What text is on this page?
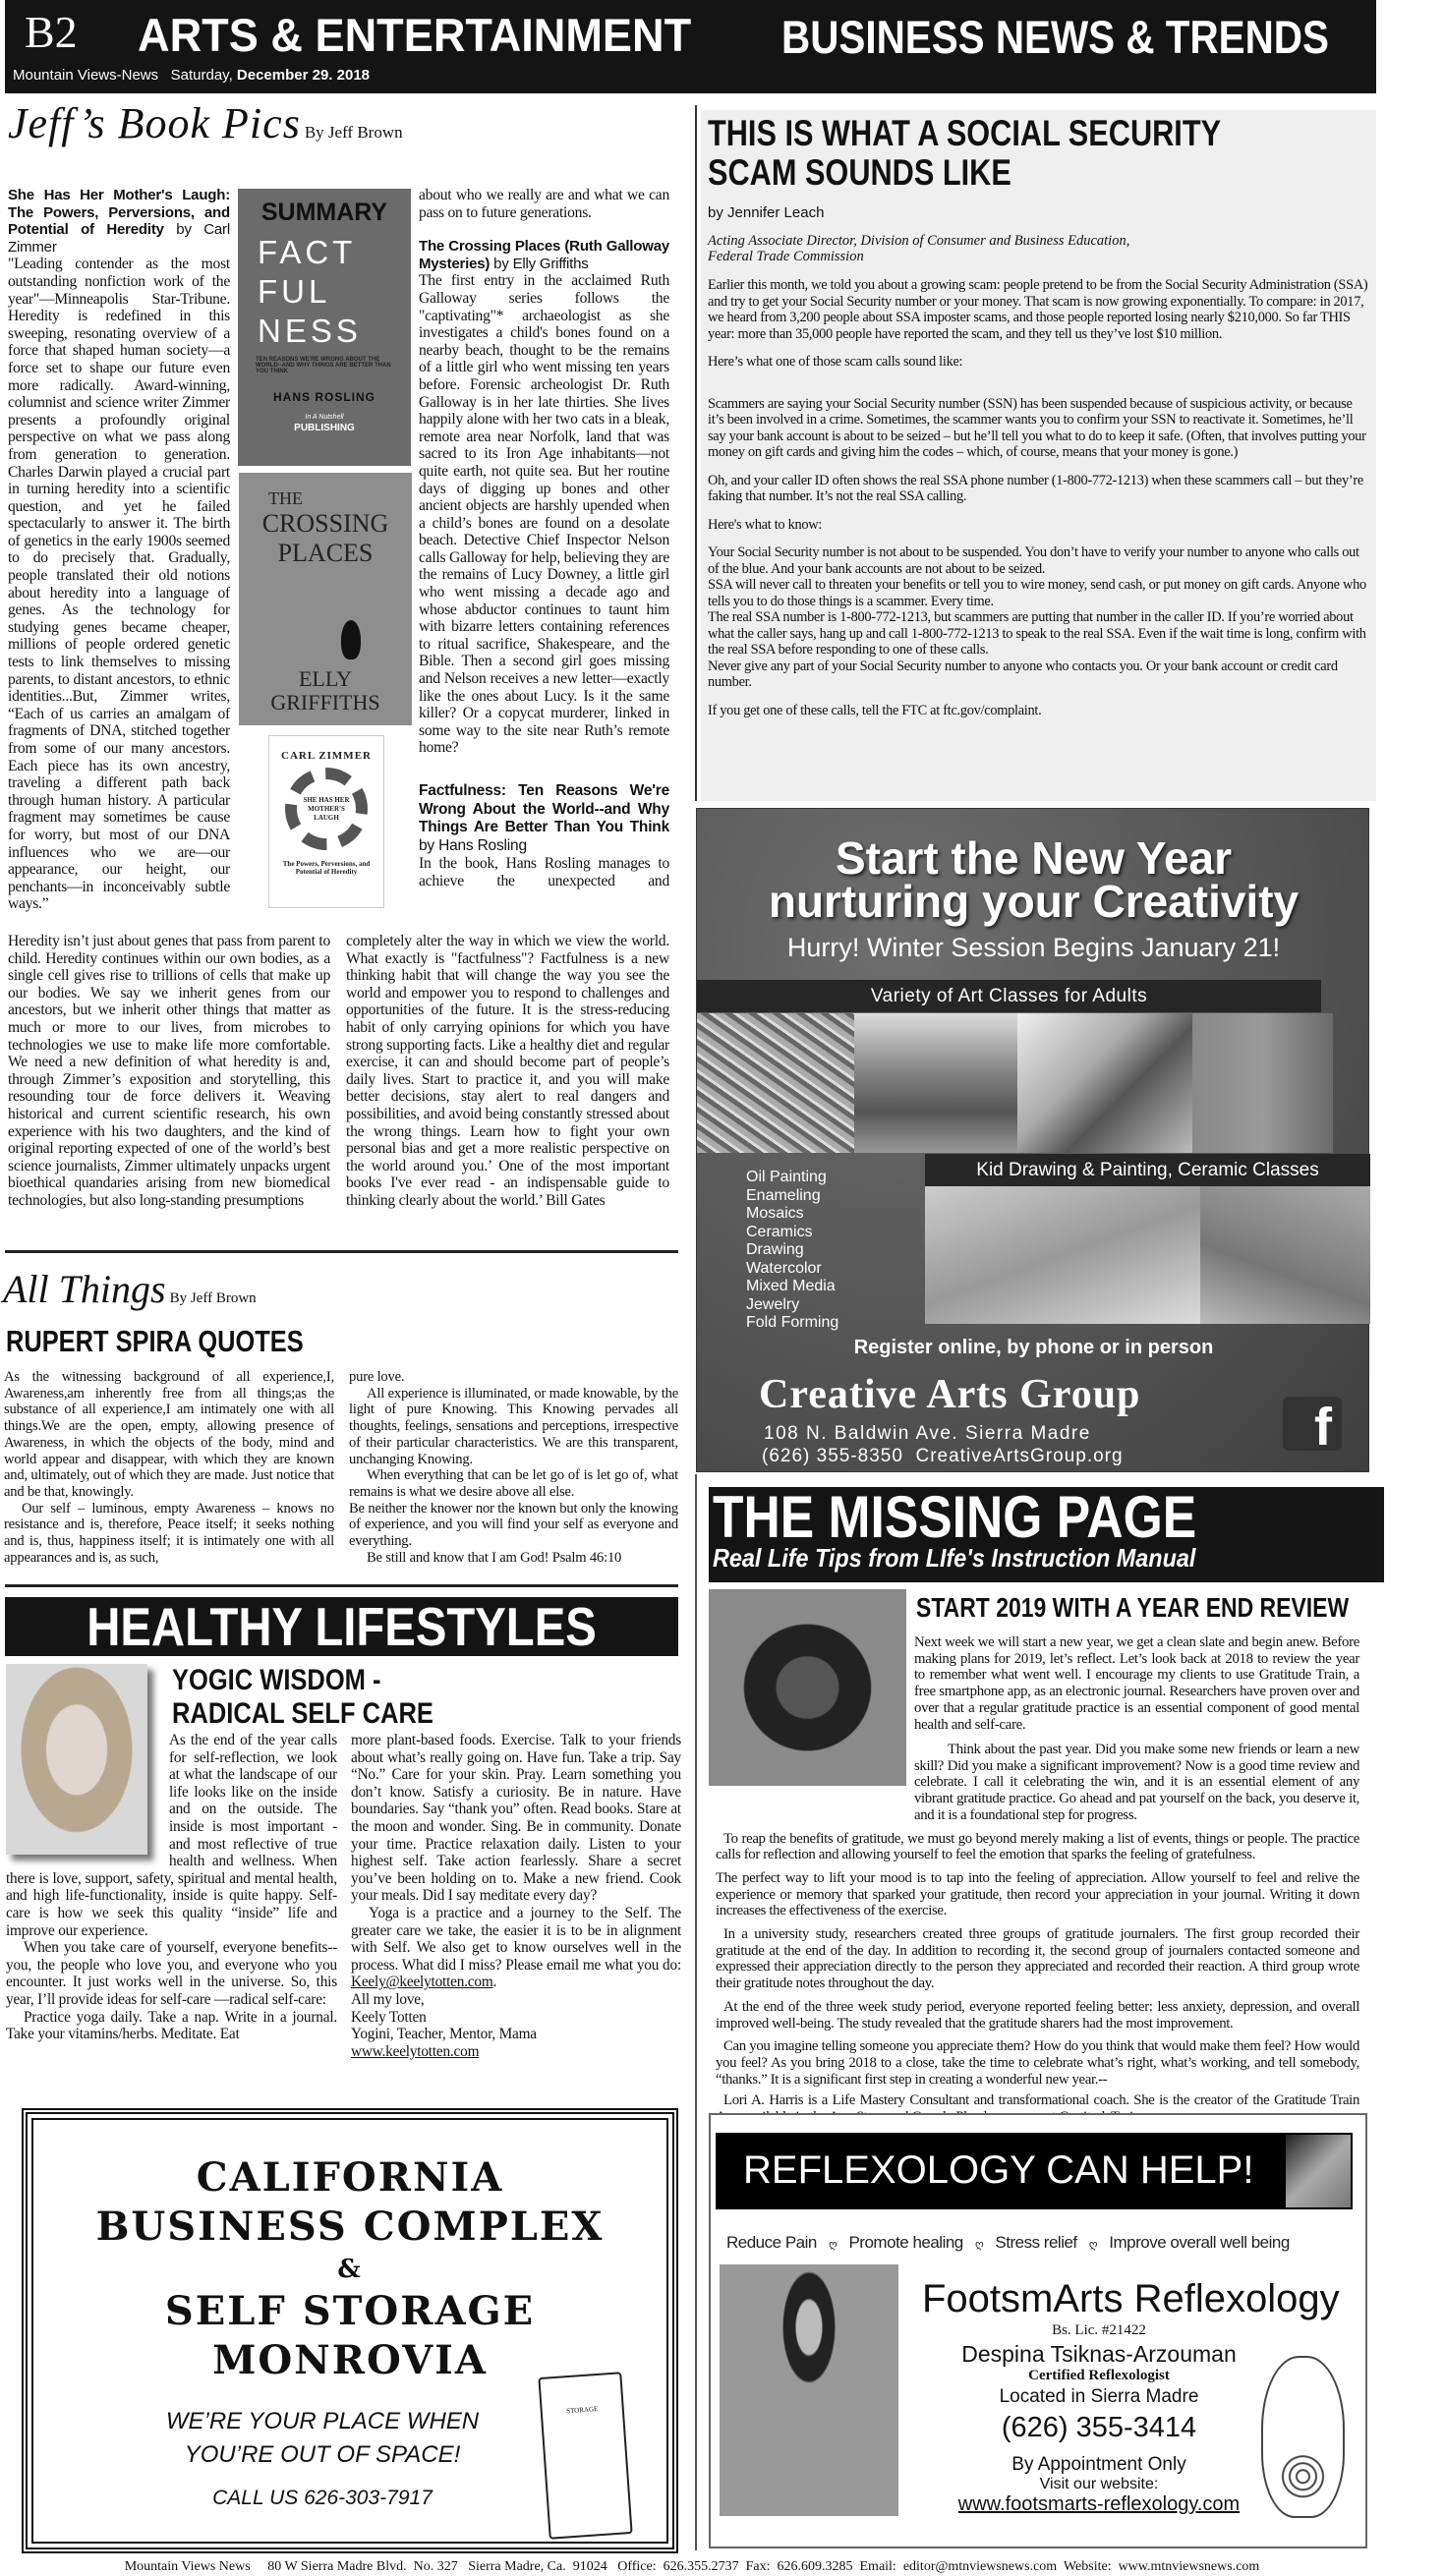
B2 ARTS & ENTERTAINMENT
Mountain Views-News Saturday, December 29. 2018
BUSINESS NEWS & TRENDS
Jeff’s Book Pics By Jeff Brown
She Has Her Mother's Laugh: The Powers, Perversions, and Potential of Heredity by Carl Zimmer

"Leading contender as the most outstanding nonfiction work of the year"—Minneapolis Star-Tribune. Heredity is redefined in this sweeping, resonating overview of a force that shaped human society—a force set to shape our future even more radically. Award-winning, columnist and science writer Zimmer presents a profoundly original perspective on what we pass along from generation to generation. Charles Darwin played a crucial part in turning heredity into a scientific question, and yet he failed spectacularly to answer it. The birth of genetics in the early 1900s seemed to do precisely that. Gradually, people translated their old notions about heredity into a language of genes. As the technology for studying genes became cheaper, millions of people ordered genetic tests to link themselves to missing parents, to distant ancestors, to ethnic identities...But, Zimmer writes, “Each of us carries an amalgam of fragments of DNA, stitched together from some of our many ancestors. Each piece has its own ancestry, traveling a different path back through human history. A particular fragment may sometimes be cause for worry, but most of our DNA influences who we are—our appearance, our height, our penchants—in inconceivably subtle ways.”

SUMMARY
FACT
FUL
NESS
TEN REASONS WE'RE WRONG ABOUT THE WORLD--AND WHY THINGS ARE BETTER THAN YOU THINK
HANS ROSLING
In A Nutshell
PUBLISHING
THE
CROSSING PLACES
ELLY GRIFFITHS
CARL ZIMMER
SHE HAS HER MOTHER'S LAUGH
The Powers, Perversions, and Potential of Heredity

about who we really are and what we can pass on to future generations.

The Crossing Places (Ruth Galloway Mysteries) by Elly Griffiths

The first entry in the acclaimed Ruth Galloway series follows the "captivating"* archaeologist as she investigates a child's bones found on a nearby beach, thought to be the remains of a little girl who went missing ten years before. Forensic archeologist Dr. Ruth Galloway is in her late thirties. She lives happily alone with her two cats in a bleak, remote area near Norfolk, land that was sacred to its Iron Age inhabitants—not quite earth, not quite sea. But her routine days of digging up bones and other ancient objects are harshly upended when a child’s bones are found on a desolate beach. Detective Chief Inspector Nelson calls Galloway for help, believing they are the remains of Lucy Downey, a little girl who went missing a decade ago and whose abductor continues to taunt him with bizarre letters containing references to ritual sacrifice, Shakespeare, and the Bible. Then a second girl goes missing and Nelson receives a new letter—exactly like the ones about Lucy. Is it the same killer? Or a copycat murderer, linked in some way to the site near Ruth’s remote home?

Factfulness: Ten Reasons We're Wrong About the World--and Why Things Are Better Than You Think by Hans Rosling

In the book, Hans Rosling manages to achieve the unexpected and

Heredity isn’t just about genes that pass from parent to child. Heredity continues within our own bodies, as a single cell gives rise to trillions of cells that make up our bodies. We say we inherit genes from our ancestors, but we inherit other things that matter as much or more to our lives, from microbes to technologies we use to make life more comfortable. We need a new definition of what heredity is and, through Zimmer’s exposition and storytelling, this resounding tour de force delivers it. Weaving historical and current scientific research, his own experience with his two daughters, and the kind of original reporting expected of one of the world’s best science journalists, Zimmer ultimately unpacks urgent bioethical quandaries arising from new biomedical technologies, but also long-standing presumptions
completely alter the way in which we view the world. What exactly is "factfulness"? Factfulness is a new thinking habit that will change the way you see the world and empower you to respond to challenges and opportunities of the future. It is the stress-reducing habit of only carrying opinions for which you have strong supporting facts. Like a healthy diet and regular exercise, it can and should become part of people’s daily lives. Start to practice it, and you will make better decisions, stay alert to real dangers and possibilities, and avoid being constantly stressed about the wrong things. Learn how to fight your own personal bias and get a more realistic perspective on the world around you.’ One of the most important books I've ever read - an indispensable guide to thinking clearly about the world.’ Bill Gates
All Things By Jeff Brown
RUPERT SPIRA QUOTES

As the witnessing background of all experience,I, Awareness,am inherently free from all things;as the substance of all experience,I am intimately one with all things.We are the open, empty, allowing presence of Awareness, in which the objects of the body, mind and world appear and disappear, with which they are known and, ultimately, out of which they are made. Just notice that and be that, knowingly.

Our self – luminous, empty Awareness – knows no resistance and is, therefore, Peace itself; it seeks nothing and is, thus, happiness itself; it is intimately one with all appearances and is, as such,

pure love.

All experience is illuminated, or made knowable, by the light of pure Knowing. This Knowing pervades all thoughts, feelings, sensations and perceptions, irrespective of their particular characteristics. We are this transparent, unchanging Knowing.

When everything that can be let go of is let go of, what remains is what we desire above all else.

Be neither the knower nor the known but only the knowing of experience, and you will find your self as everyone and everything.

Be still and know that I am God! Psalm 46:10

HEALTHY LIFESTYLES
YOGIC WISDOM -
RADICAL SELF CARE

As the end of the year calls for self-reflection, we look at what the landscape of our life looks like on the inside and on the outside. The inside is most important - and most reflective of true health and wellness. When there is love, support, safety, spiritual and mental health, and high life-functionality, inside is quite happy. Self-care is how we seek this quality “inside” life and improve our experience.

When you take care of yourself, everyone benefits-- you, the people who love you, and everyone who you encounter. It just works well in the universe. So, this year, I’ll provide ideas for self-care —radical self-care:

Practice yoga daily. Take a nap. Write in a journal. Take your vitamins/herbs. Meditate. Eat

more plant-based foods. Exercise. Talk to your friends about what’s really going on. Have fun. Take a trip. Say “No.” Care for your skin. Pray. Learn something you don’t know. Satisfy a curiosity. Be in nature. Have boundaries. Say “thank you” often. Read books. Stare at the moon and wonder. Sing. Be in community. Donate your time. Practice relaxation daily. Listen to your highest self. Take action fearlessly. Share a secret you’ve been holding on to. Make a new friend. Cook your meals. Did I say meditate every day?

Yoga is a practice and a journey to the Self. The greater care we take, the easier it is to be in alignment with Self. We also get to know ourselves well in the process. What did I miss? Please email me what you do: Keely@keelytotten.com.

All my love,
Keely Totten
Yogini, Teacher, Mentor, Mama
www.keelytotten.com

CALIFORNIA
BUSINESS COMPLEX
&
SELF STORAGE
MONROVIA
WE’RE YOUR PLACE WHEN
YOU’RE OUT OF SPACE!
CALL US 626-303-7917
STORAGE
THIS IS WHAT A SOCIAL SECURITY
SCAM SOUNDS LIKE
by Jennifer Leach
Acting Associate Director, Division of Consumer and Business Education,
Federal Trade Commission

Earlier this month, we told you about a growing scam: people pretend to be from the Social Security Administration (SSA) and try to get your Social Security number or your money. That scam is now growing exponentially. To compare: in 2017, we heard from 3,200 people about SSA imposter scams, and those people reported losing nearly $210,000. So far THIS year: more than 35,000 people have reported the scam, and they tell us they’ve lost $10 million.

Here’s what one of those scam calls sound like:

Scammers are saying your Social Security number (SSN) has been suspended because of suspicious activity, or because it’s been involved in a crime. Sometimes, the scammer wants you to confirm your SSN to reactivate it. Sometimes, he’ll say your bank account is about to be seized – but he’ll tell you what to do to keep it safe. (Often, that involves putting your money on gift cards and giving him the codes – which, of course, means that your money is gone.)

Oh, and your caller ID often shows the real SSA phone number (1-800-772-1213) when these scammers call – but they’re faking that number. It’s not the real SSA calling.

Here's what to know:

Your Social Security number is not about to be suspended. You don’t have to verify your number to anyone who calls out of the blue. And your bank accounts are not about to be seized.

SSA will never call to threaten your benefits or tell you to wire money, send cash, or put money on gift cards. Anyone who tells you to do those things is a scammer. Every time.

The real SSA number is 1-800-772-1213, but scammers are putting that number in the caller ID. If you’re worried about what the caller says, hang up and call 1-800-772-1213 to speak to the real SSA. Even if the wait time is long, confirm with the real SSA before responding to one of these calls.

Never give any part of your Social Security number to anyone who contacts you. Or your bank account or credit card number.

If you get one of these calls, tell the FTC at ftc.gov/complaint.

Start the New Year
nurturing your Creativity
Hurry! Winter Session Begins January 21!
Variety of Art Classes for Adults
Kid Drawing & Painting, Ceramic Classes
Oil Painting
Enameling
Mosaics
Ceramics
Drawing
Watercolor
Mixed Media
Jewelry
Fold Forming
Register online, by phone or in person
Creative Arts Group
108 N. Baldwin Ave. Sierra Madre
(626) 355-8350 CreativeArtsGroup.org	f
THE MISSING PAGE
Real Life Tips from LIfe's Instruction Manual
START 2019 WITH A YEAR END REVIEW

Next week we will start a new year, we get a clean slate and begin anew. Before making plans for 2019, let’s reflect. Let’s look back at 2018 to review the year to remember what went well. I encourage my clients to use Gratitude Train, a free smartphone app, as an electronic journal. Researchers have proven over and over that a regular gratitude practice is an essential component of good mental health and self-care.

Think about the past year. Did you make some new friends or learn a new skill? Did you make a significant improvement? Now is a good time review and celebrate. I call it celebrating the win, and it is an essential element of any vibrant gratitude practice. Go ahead and pat yourself on the back, you deserve it, and it is a foundational step for progress.

To reap the benefits of gratitude, we must go beyond merely making a list of events, things or people. The practice calls for reflection and allowing yourself to feel the emotion that sparks the feeling of gratefulness.

The perfect way to lift your mood is to tap into the feeling of appreciation. Allow yourself to feel and relive the experience or memory that sparked your gratitude, then record your appreciation in your journal. Writing it down increases the effectiveness of the exercise.

In a university study, researchers created three groups of gratitude journalers. The first group recorded their gratitude at the end of the day. In addition to recording it, the second group of journalers contacted someone and expressed their appreciation directly to the person they appreciated and recorded their reaction. A third group wrote their gratitude notes throughout the day.

At the end of the three week study period, everyone reported feeling better: less anxiety, depression, and overall improved well-being. The study revealed that the gratitude sharers had the most improvement.

Can you imagine telling someone you appreciate them? How do you think that would make them feel? How would you feel? As you bring 2018 to a close, take the time to celebrate what’s right, what’s working, and tell somebody, “thanks.” It is a significant first step in creating a wonderful new year.--

Lori A. Harris is a Life Mastery Consultant and transformational coach. She is the creator of the Gratitude Train

REFLEXOLOGY CAN HELP!
Reduce Pain ღ Promote healing ღ Stress relief ღ Improve overall well being
FootsmArts Reflexology
Bs. Lic. #21422
Despina Tsiknas-Arzouman
Certified Reflexologist
Located in Sierra Madre
(626) 355-3414
By Appointment Only
Visit our website:
www.footsmarts-reflexology.com
Mountain Views News     80 W Sierra Madre Blvd.  No. 327   Sierra Madre, Ca.  91024   Office:  626.355.2737  Fax:  626.609.3285  Email:  editor@mtnviewsnews.com  Website:  www.mtnviewsnews.com
